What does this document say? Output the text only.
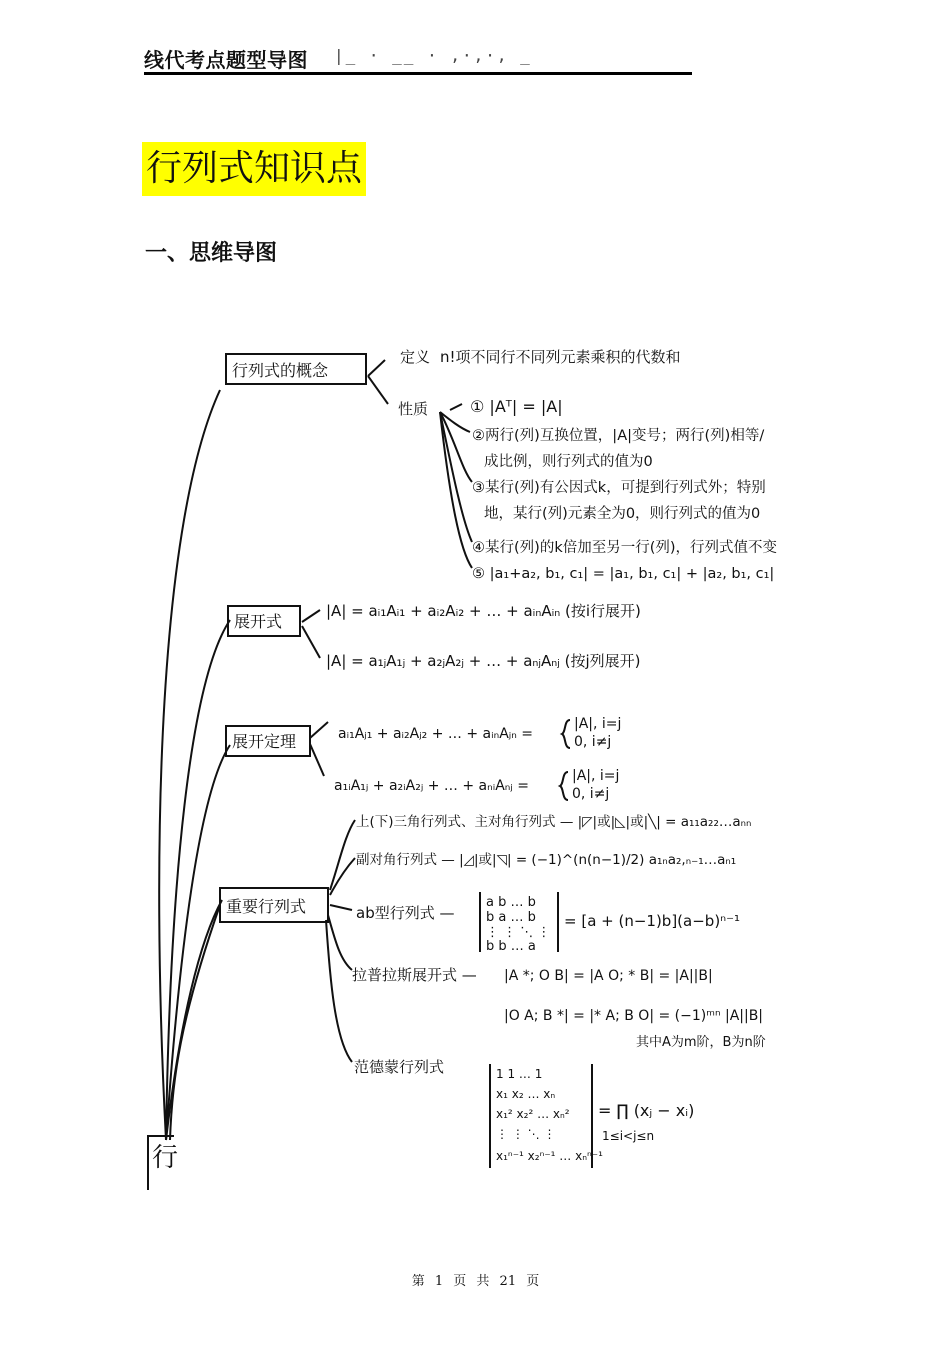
线代考点题型导图 |_ · __ · ,·,·, _
行列式知识点
一、思维导图
行
行列式的概念
定义 n!项不同行不同列元素乘积的代数和
性质	① |Aᵀ| = |A|
②两行(列)互换位置，|A|变号；两行(列)相等/
成比例，则行列式的值为0
③某行(列)有公因式k，可提到行列式外；特别
地，某行(列)元素全为0，则行列式的值为0
④某行(列)的k倍加至另一行(列)，行列式值不变
⑤ |a₁+a₂, b₁, c₁| = |a₁, b₁, c₁| + |a₂, b₁, c₁|
展开式
|A| = aᵢ₁Aᵢ₁ + aᵢ₂Aᵢ₂ + … + aᵢₙAᵢₙ (按i行展开)
|A| = a₁ⱼA₁ⱼ + a₂ⱼA₂ⱼ + … + aₙⱼAₙⱼ (按j列展开)
展开定理	aᵢ₁Aⱼ₁ + aᵢ₂Aⱼ₂ + … + aᵢₙAⱼₙ =
|A|, i=j
0, i≠j
a₁ᵢA₁ⱼ + a₂ᵢA₂ⱼ + … + aₙᵢAₙⱼ =
|A|, i=j
0, i≠j
重要行列式
上(下)三角行列式、主对角行列式 — |◸|或|◺|或|╲| = a₁₁a₂₂…aₙₙ
副对角行列式 — |◿|或|◹| = (−1)^(n(n−1)/2) a₁ₙa₂,ₙ₋₁…aₙ₁
ab型行列式 —
a b … b
b a … b
⋮ ⋮ ⋱ ⋮
b b … a
= [a + (n−1)b](a−b)ⁿ⁻¹
拉普拉斯展开式 — |A *; O B| = |A O; * B| = |A||B|
|O A; B *| = |* A; B O| = (−1)ᵐⁿ |A||B|
其中A为m阶，B为n阶
范德蒙行列式	1 1 … 1
x₁ x₂ … xₙ
x₁² x₂² … xₙ²
⋮ ⋮ ⋱ ⋮
x₁ⁿ⁻¹ x₂ⁿ⁻¹ … xₙⁿ⁻¹
= ∏ (xⱼ − xᵢ)
1≤i<j≤n
第 1 页 共 21 页
